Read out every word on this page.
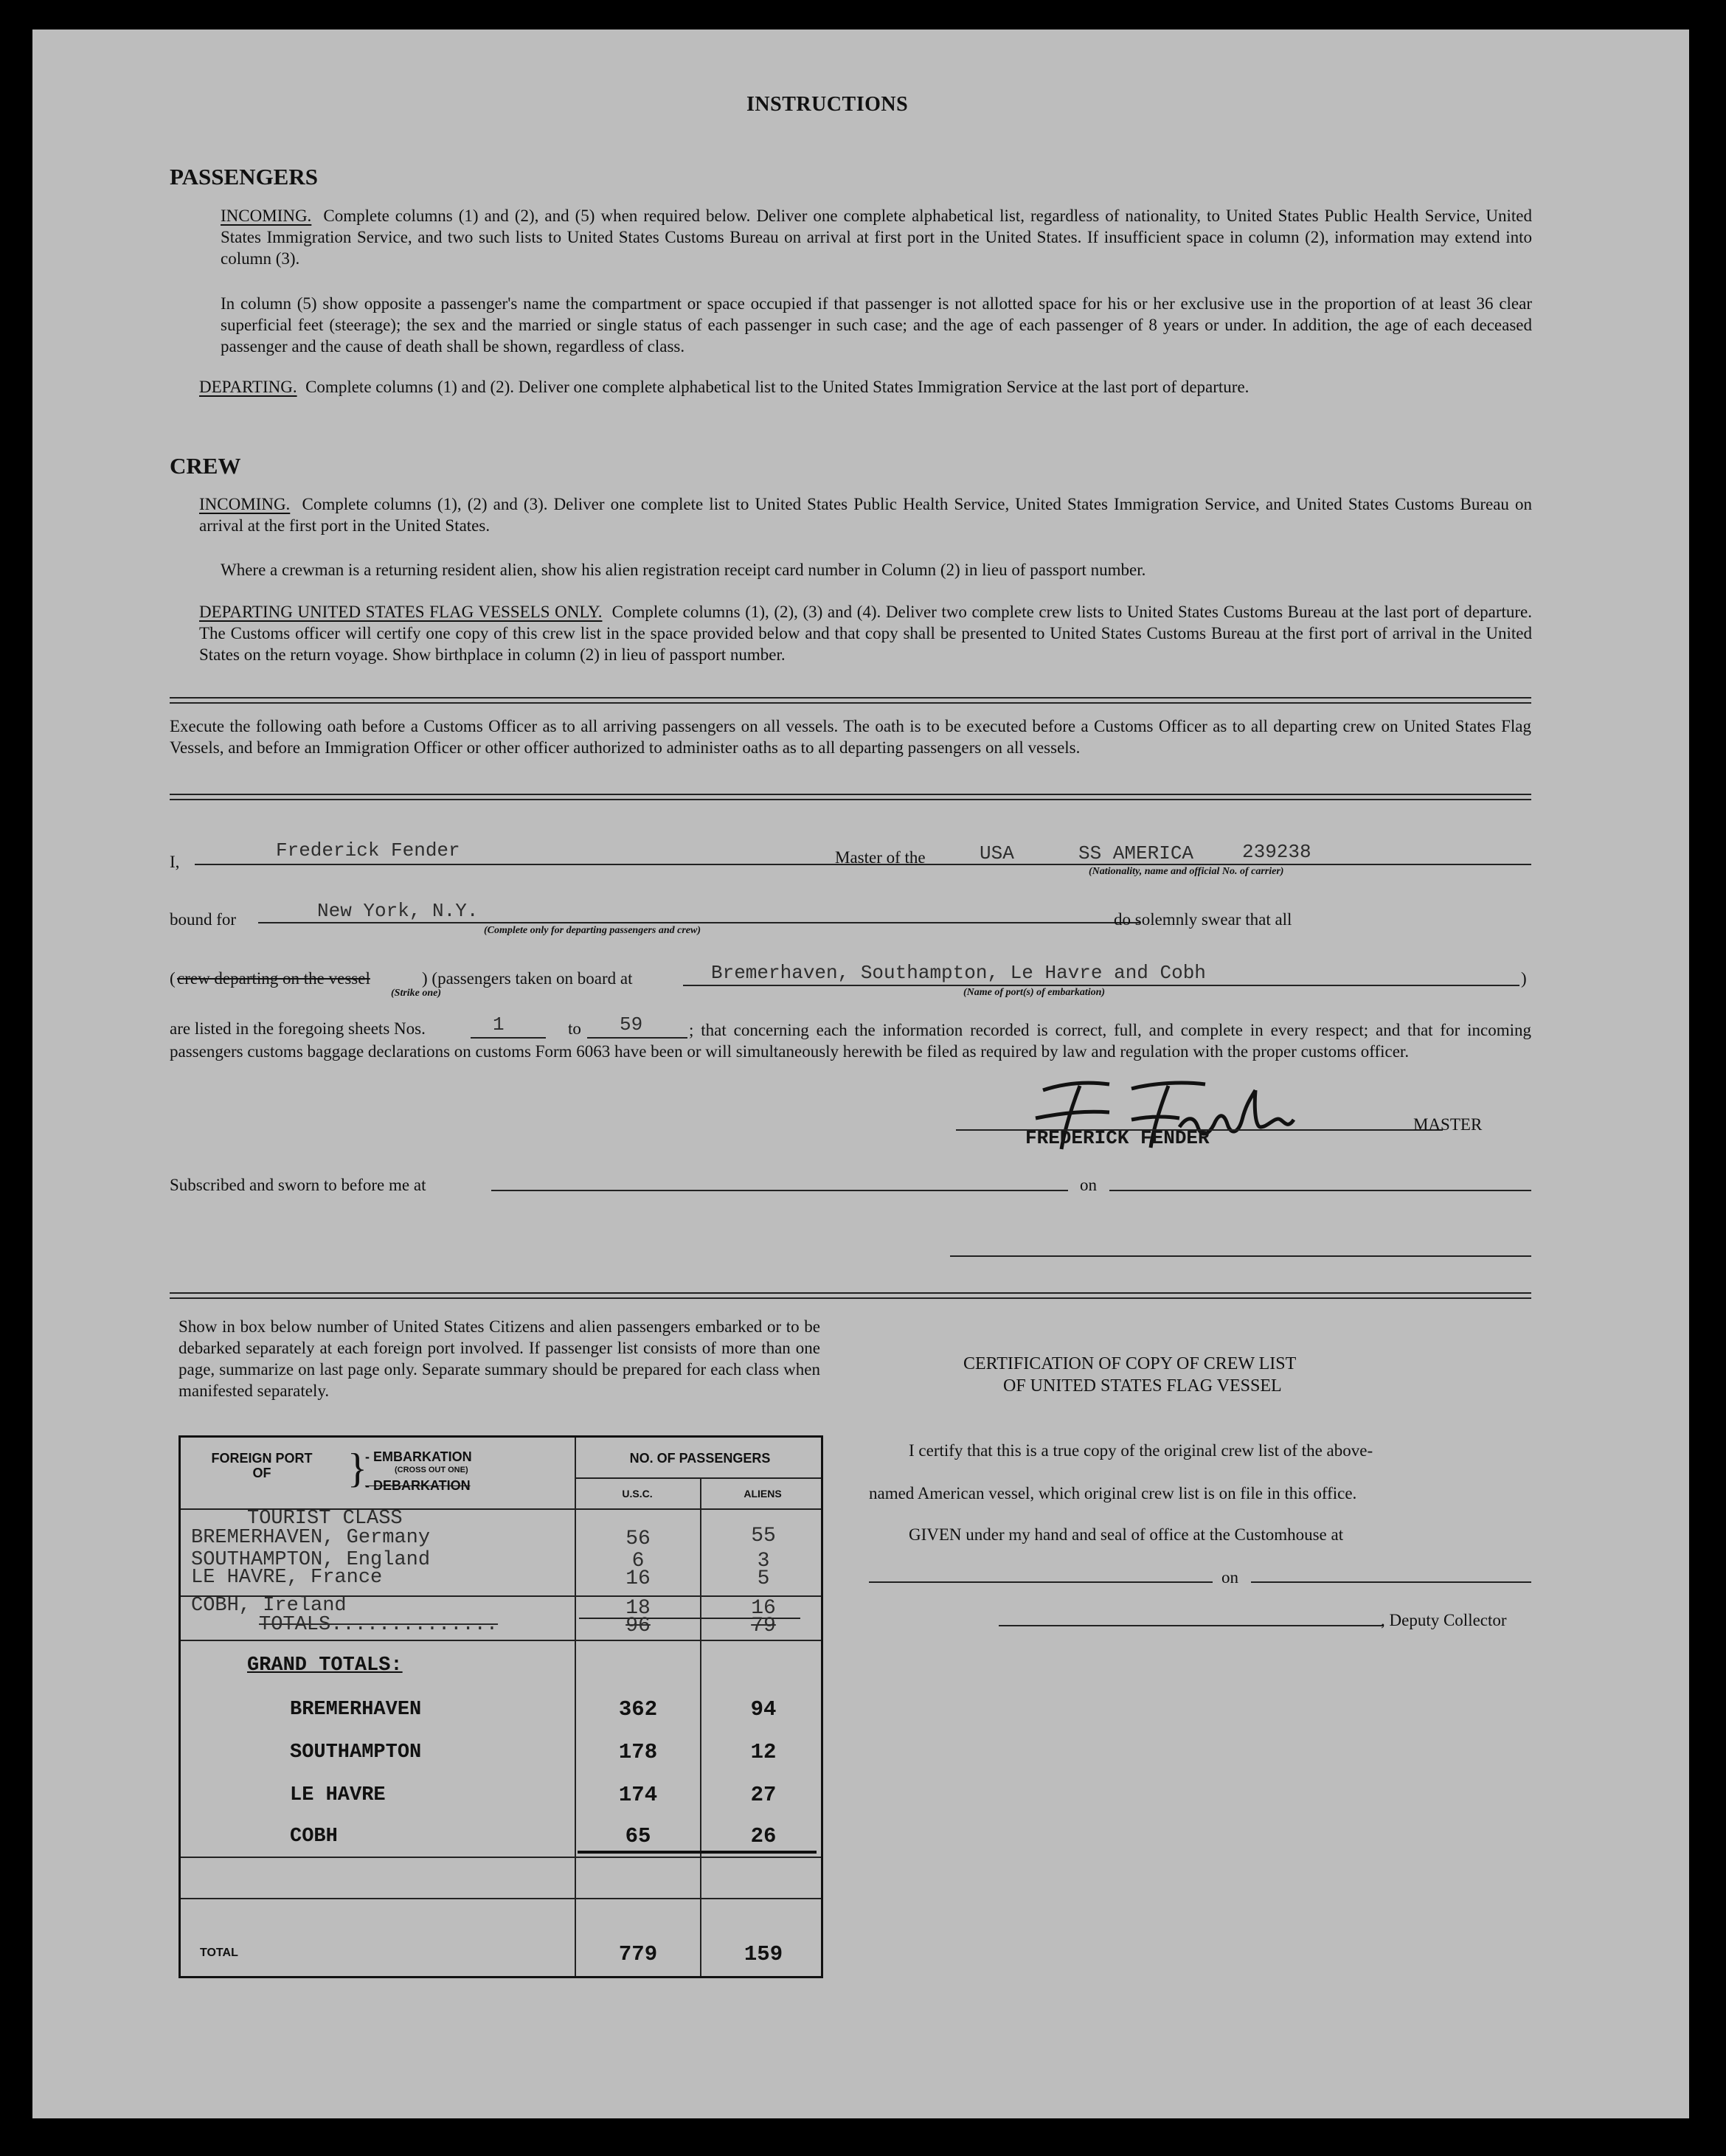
INSTRUCTIONS
PASSENGERS
INCOMING. Complete columns (1) and (2), and (5) when required below. Deliver one complete alphabetical list, regardless of nationality, to United States Public Health Service, United States Immigration Service, and two such lists to United States Customs Bureau on arrival at first port in the United States. If insufficient space in column (2), information may extend into column (3).
In column (5) show opposite a passenger's name the compartment or space occupied if that passenger is not allotted space for his or her exclusive use in the proportion of at least 36 clear superficial feet (steerage); the sex and the married or single status of each passenger in such case; and the age of each passenger of 8 years or under. In addition, the age of each deceased passenger and the cause of death shall be shown, regardless of class.
DEPARTING. Complete columns (1) and (2). Deliver one complete alphabetical list to the United States Immigration Service at the last port of departure.
CREW
INCOMING. Complete columns (1), (2) and (3). Deliver one complete list to United States Public Health Service, United States Immigration Service, and United States Customs Bureau on arrival at the first port in the United States.
Where a crewman is a returning resident alien, show his alien registration receipt card number in Column (2) in lieu of passport number.
DEPARTING UNITED STATES FLAG VESSELS ONLY. Complete columns (1), (2), (3) and (4). Deliver two complete crew lists to United States Customs Bureau at the last port of departure. The Customs officer will certify one copy of this crew list in the space provided below and that copy shall be presented to United States Customs Bureau at the first port of arrival in the United States on the return voyage. Show birthplace in column (2) in lieu of passport number.
Execute the following oath before a Customs Officer as to all arriving passengers on all vessels. The oath is to be executed before a Customs Officer as to all departing crew on United States Flag Vessels, and before an Immigration Officer or other officer authorized to administer oaths as to all departing passengers on all vessels.
I,
Frederick Fender	Master of the	USA	SS AMERICA	239238
(Nationality, name and official No. of carrier)
bound for	New York, N.Y.
(Complete only for departing passengers and crew)
do solemnly swear that all
( crew departing on the vessel
(Strike one)
) (passengers taken on board at	Bremerhaven, Southampton, Le Havre and Cobh
(Name of port(s) of embarkation)
)
; that concerning each the information recorded is correct, full, and complete in every respect; and that for incoming passengers customs baggage declarations on customs Form 6063 have been or will simultaneously herewith be filed as required by law and regulation with the proper customs officer.
are listed in the foregoing sheets Nos.	1	to 59
FREDERICK FENDER
MASTER
Subscribed and sworn to before me at	on
Show in box below number of United States Citizens and alien passengers embarked or to be debarked separately at each foreign port involved. If passenger list consists of more than one page, summarize on last page only. Separate summary should be prepared for each class when manifested separately.
FOREIGN PORT OF	}
- EMBARKATION
(CROSS OUT ONE)
- DEBARKATION
NO. OF PASSENGERS
U.S.C.	ALIENS
TOURIST CLASS
BREMERHAVEN, Germany	56	55
SOUTHAMPTON, England	6	3
LE HAVRE, France	16	5
COBH, Ireland	18	16
TOTALS..............	96	79
GRAND TOTALS:
BREMERHAVEN	362	94
SOUTHAMPTON	178	12
LE HAVRE	174	27
COBH	65	26
TOTAL	779	159
CERTIFICATION OF COPY OF CREW LIST
OF UNITED STATES FLAG VESSEL
I certify that this is a true copy of the original crew list of the above-
named American vessel, which original crew list is on file in this office.
GIVEN under my hand and seal of office at the Customhouse at
on
, Deputy Collector
